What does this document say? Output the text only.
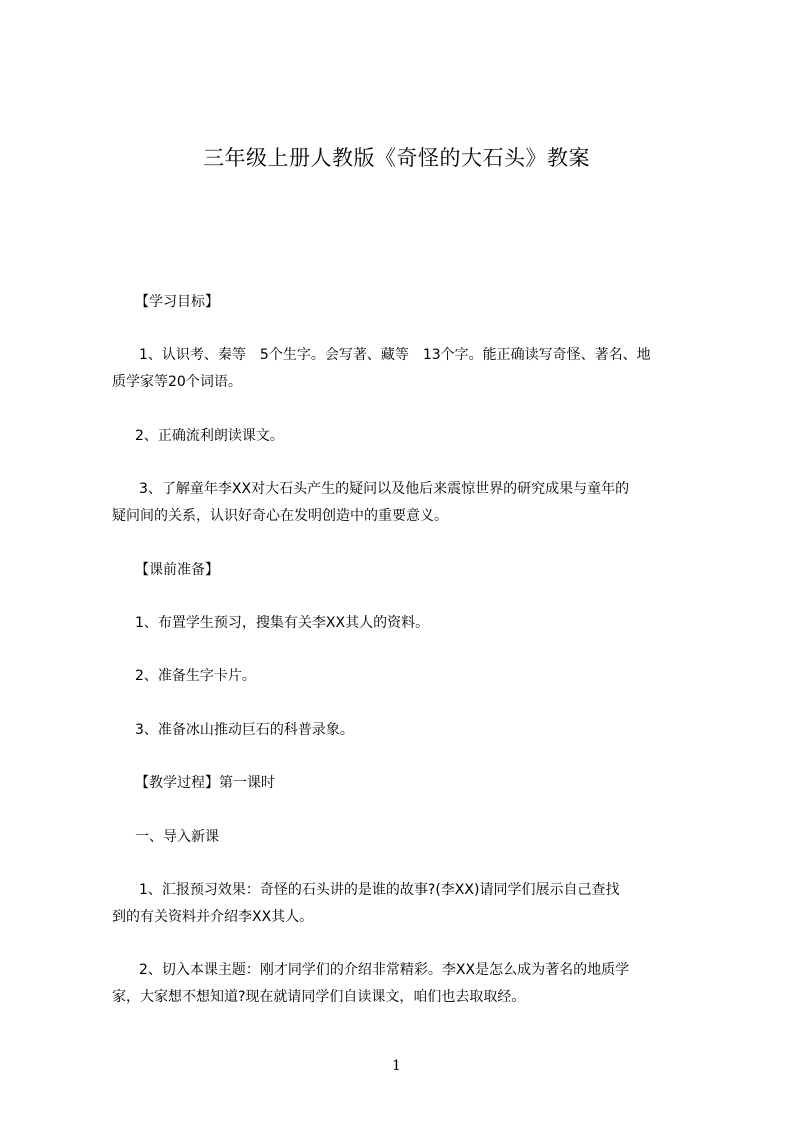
三年级上册人教版《奇怪的大石头》教案
【学习目标】
1、认识考、秦等　5个生字。会写著、藏等　13个字。能正确读写奇怪、著名、地
质学家等20个词语。
2、正确流利朗读课文。
3、了解童年李XX对大石头产生的疑问以及他后来震惊世界的研究成果与童年的
疑问间的关系，认识好奇心在发明创造中的重要意义。
【课前准备】
1、布置学生预习，搜集有关李XX其人的资料。
2、准备生字卡片。
3、准备冰山推动巨石的科普录象。
【教学过程】第一课时
一、导入新课
1、汇报预习效果：奇怪的石头讲的是谁的故事?(李XX)请同学们展示自己查找
到的有关资料并介绍李XX其人。
2、切入本课主题：刚才同学们的介绍非常精彩。李XX是怎么成为著名的地质学
家，大家想不想知道?现在就请同学们自读课文，咱们也去取取经。
1
